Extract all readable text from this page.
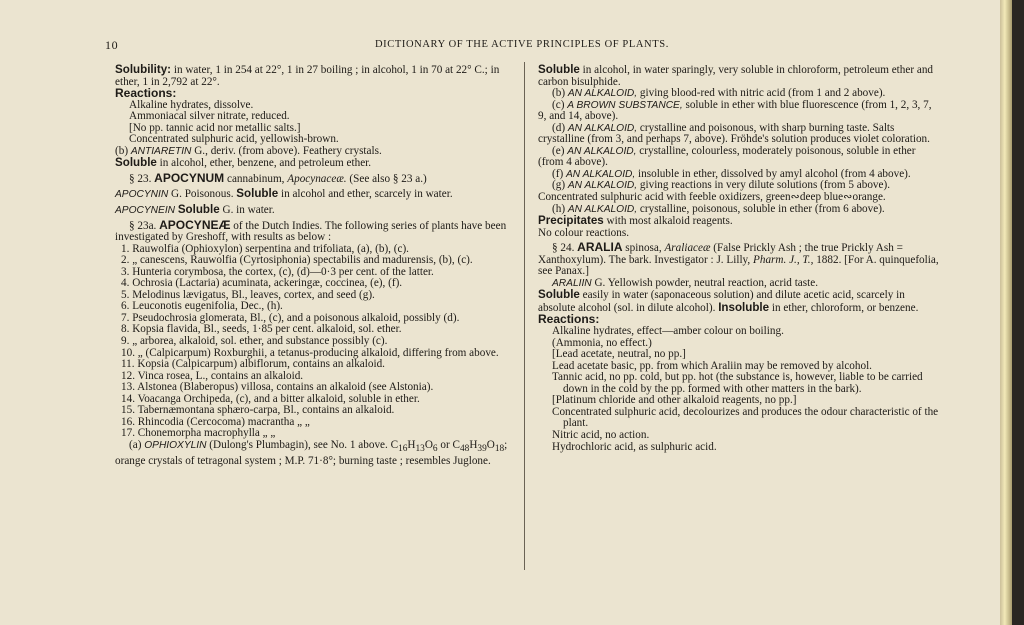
10	DICTIONARY OF THE ACTIVE PRINCIPLES OF PLANTS.

Solubility: in water, 1 in 254 at 22°, 1 in 27 boiling ; in alcohol, 1 in 70 at 22° C.; in ether, 1 in 2,792 at 22°.

Reactions:

Alkaline hydrates, dissolve.

Ammoniacal silver nitrate, reduced.

[No pp. tannic acid nor metallic salts.]

Concentrated sulphuric acid, yellowish-brown.

(b) ANTIARETIN G., deriv. (from above). Feathery crystals.

Soluble in alcohol, ether, benzene, and petroleum ether.

§ 23. APOCYNUM cannabinum, Apocynaceæ. (See also § 23 a.)

APOCYNIN G. Poisonous. Soluble in alcohol and ether, scarcely in water.

APOCYNEIN Soluble G. in water.

§ 23a. APOCYNEÆ of the Dutch Indies. The following series of plants have been investigated by Greshoff, with results as below :

1. Rauwolfia (Ophioxylon) serpentina and trifoliata, (a), (b), (c).

2. „ canescens, Rauwolfia (Cyrtosiphonia) spectabilis and madurensis, (b), (c).

3. Hunteria corymbosa, the cortex, (c), (d)—0·3 per cent. of the latter.

4. Ochrosia (Lactaria) acuminata, ackeringæ, coccinea, (e), (f).

5. Melodinus lævigatus, Bl., leaves, cortex, and seed (g).

6. Leuconotis eugenifolia, Dec., (h).

7. Pseudochrosia glomerata, Bl., (c), and a poisonous alkaloid, possibly (d).

8. Kopsia flavida, Bl., seeds, 1·85 per cent. alkaloid, sol. ether.

9. „ arborea, alkaloid, sol. ether, and substance possibly (c).

10. „ (Calpicarpum) Roxburghii, a tetanus-producing alkaloid, differing from above.

11. Kopsia (Calpicarpum) albiflorum, contains an alkaloid.

12. Vinca rosea, L., contains an alkaloid.

13. Alstonea (Blaberopus) villosa, contains an alkaloid (see Alstonia).

14. Voacanga Orchipeda, (c), and a bitter alkaloid, soluble in ether.

15. Tabernæmontana sphæro-carpa, Bl., contains an alkaloid.

16. Rhincodia (Cercocoma) macrantha „ „

17. Chonemorpha macrophylla „ „

(a) OPHIOXYLIN (Dulong's Plumbagin), see No. 1 above. $C_{16}H_{13}O_6$ or $C_{48}H_{39}O_{18}$; orange crystals of tetragonal system ; M.P. 71·8°; burning taste ; resembles Juglone.

Soluble in alcohol, in water sparingly, very soluble in chloroform, petroleum ether and carbon bisulphide.

(b) AN ALKALOID, giving blood-red with nitric acid (from 1 and 2 above).

(c) A BROWN SUBSTANCE, soluble in ether with blue fluorescence (from 1, 2, 3, 7, 9, and 14, above).

(d) AN ALKALOID, crystalline and poisonous, with sharp burning taste. Salts crystalline (from 3, and perhaps 7, above). Fröhde's solution produces violet coloration.

(e) AN ALKALOID, crystalline, colourless, moderately poisonous, soluble in ether (from 4 above).

(f) AN ALKALOID, insoluble in ether, dissolved by amyl alcohol (from 4 above).

(g) AN ALKALOID, giving reactions in very dilute solutions (from 5 above). Concentrated sulphuric acid with feeble oxidizers, green∾deep blue∾orange.

(h) AN ALKALOID, crystalline, poisonous, soluble in ether (from 6 above).

Precipitates with most alkaloid reagents.

No colour reactions.

§ 24. ARALIA spinosa, Araliaceæ (False Prickly Ash ; the true Prickly Ash = Xanthoxylum). The bark. Investigator : J. Lilly, Pharm. J., T., 1882. [For A. quinquefolia, see Panax.]

ARALIIN G. Yellowish powder, neutral reaction, acrid taste.

Soluble easily in water (saponaceous solution) and dilute acetic acid, scarcely in absolute alcohol (sol. in dilute alcohol). Insoluble in ether, chloroform, or benzene.

Reactions:

Alkaline hydrates, effect—amber colour on boiling.

(Ammonia, no effect.)

[Lead acetate, neutral, no pp.]

Lead acetate basic, pp. from which Araliin may be removed by alcohol.

Tannic acid, no pp. cold, but pp. hot (the substance is, however, liable to be carried down in the cold by the pp. formed with other matters in the bark).

[Platinum chloride and other alkaloid reagents, no pp.]

Concentrated sulphuric acid, decolourizes and produces the odour characteristic of the plant.

Nitric acid, no action.

Hydrochloric acid, as sulphuric acid.
